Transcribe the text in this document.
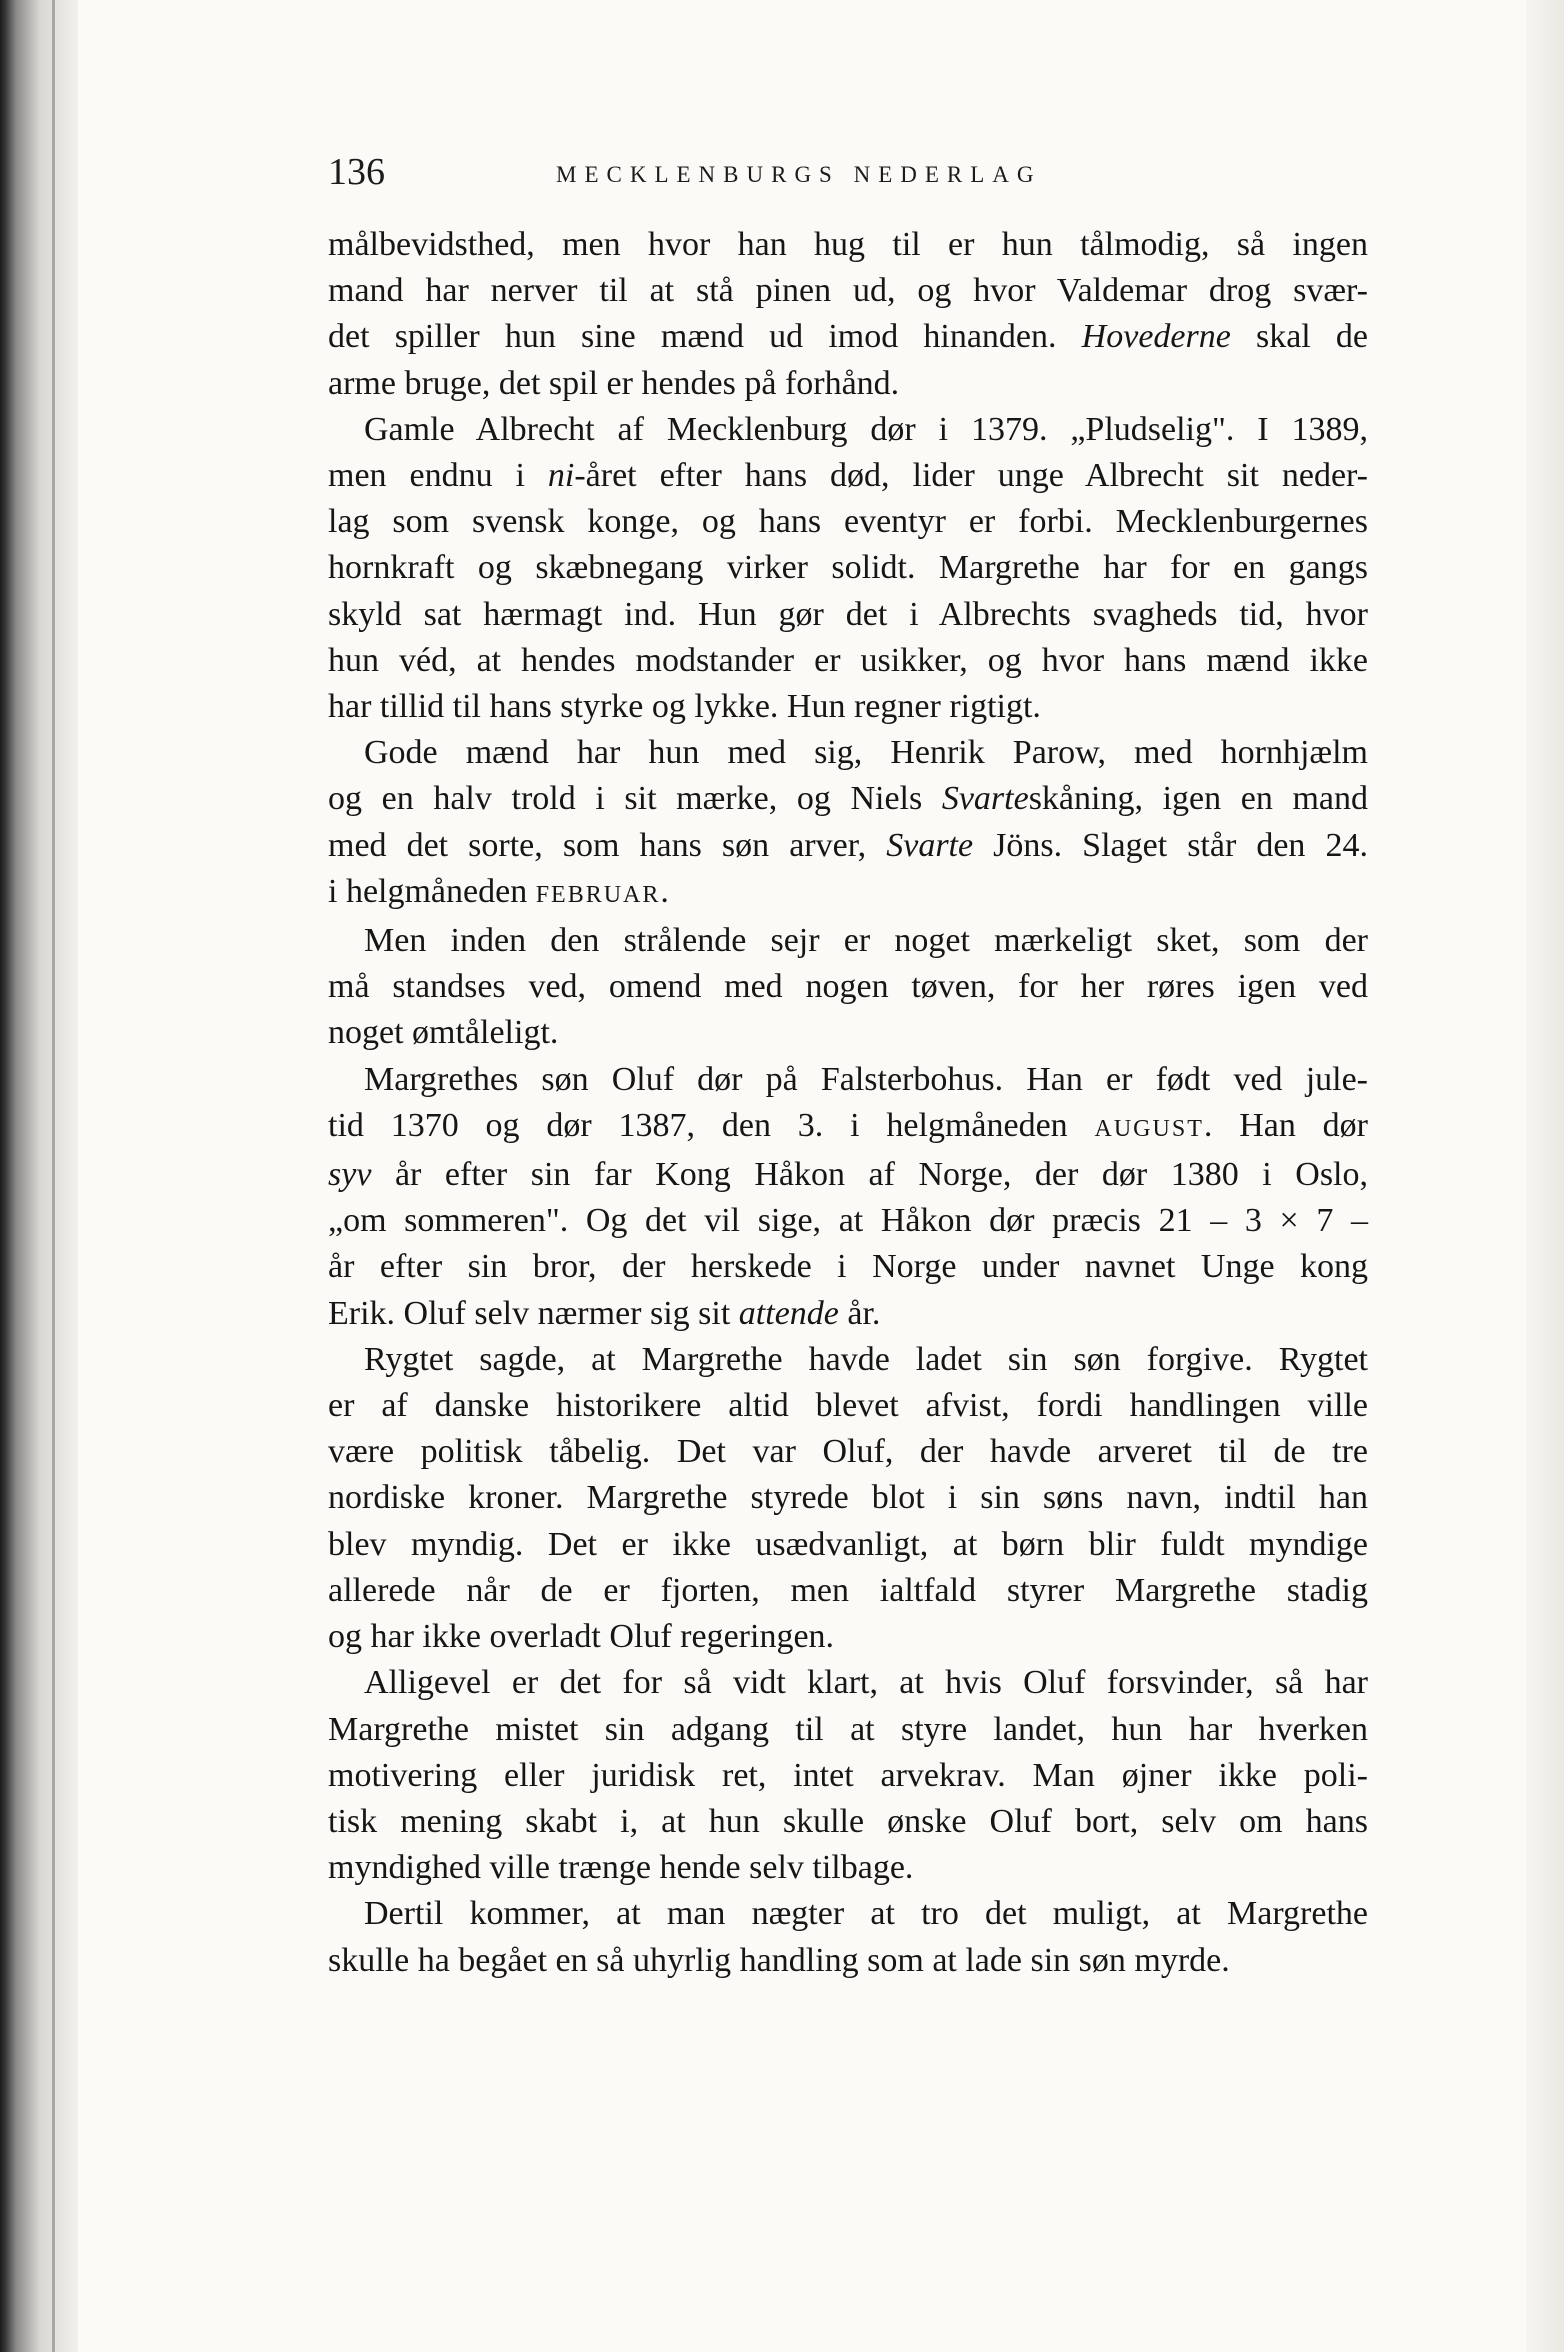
136	MECKLENBURGS NEDERLAG

målbevidsthed, men hvor han hug til er hun tålmodig, så ingen
mand har nerver til at stå pinen ud, og hvor Valdemar drog svær-
det spiller hun sine mænd ud imod hinanden. Hovederne skal de
arme bruge, det spil er hendes på forhånd.

Gamle Albrecht af Mecklenburg dør i 1379. „Pludselig". I 1389,
men endnu i ni-året efter hans død, lider unge Albrecht sit neder-
lag som svensk konge, og hans eventyr er forbi. Mecklenburgernes
hornkraft og skæbnegang virker solidt. Margrethe har for en gangs
skyld sat hærmagt ind. Hun gør det i Albrechts svagheds tid, hvor
hun véd, at hendes modstander er usikker, og hvor hans mænd ikke
har tillid til hans styrke og lykke. Hun regner rigtigt.

Gode mænd har hun med sig, Henrik Parow, med hornhjælm
og en halv trold i sit mærke, og Niels Svarteskåning, igen en mand
med det sorte, som hans søn arver, Svarte Jöns. Slaget står den 24.
i helgmåneden FEBRUAR.

Men inden den strålende sejr er noget mærkeligt sket, som der
må standses ved, omend med nogen tøven, for her røres igen ved
noget ømtåleligt.

Margrethes søn Oluf dør på Falsterbohus. Han er født ved jule-
tid 1370 og dør 1387, den 3. i helgmåneden AUGUST. Han dør
syv år efter sin far Kong Håkon af Norge, der dør 1380 i Oslo,
„om sommeren". Og det vil sige, at Håkon dør præcis 21 – 3 × 7 –
år efter sin bror, der herskede i Norge under navnet Unge kong
Erik. Oluf selv nærmer sig sit attende år.

Rygtet sagde, at Margrethe havde ladet sin søn forgive. Rygtet
er af danske historikere altid blevet afvist, fordi handlingen ville
være politisk tåbelig. Det var Oluf, der havde arveret til de tre
nordiske kroner. Margrethe styrede blot i sin søns navn, indtil han
blev myndig. Det er ikke usædvanligt, at børn blir fuldt myndige
allerede når de er fjorten, men ialtfald styrer Margrethe stadig
og har ikke overladt Oluf regeringen.

Alligevel er det for så vidt klart, at hvis Oluf forsvinder, så har
Margrethe mistet sin adgang til at styre landet, hun har hverken
motivering eller juridisk ret, intet arvekrav. Man øjner ikke poli-
tisk mening skabt i, at hun skulle ønske Oluf bort, selv om hans
myndighed ville trænge hende selv tilbage.

Dertil kommer, at man nægter at tro det muligt, at Margrethe
skulle ha begået en så uhyrlig handling som at lade sin søn myrde.
